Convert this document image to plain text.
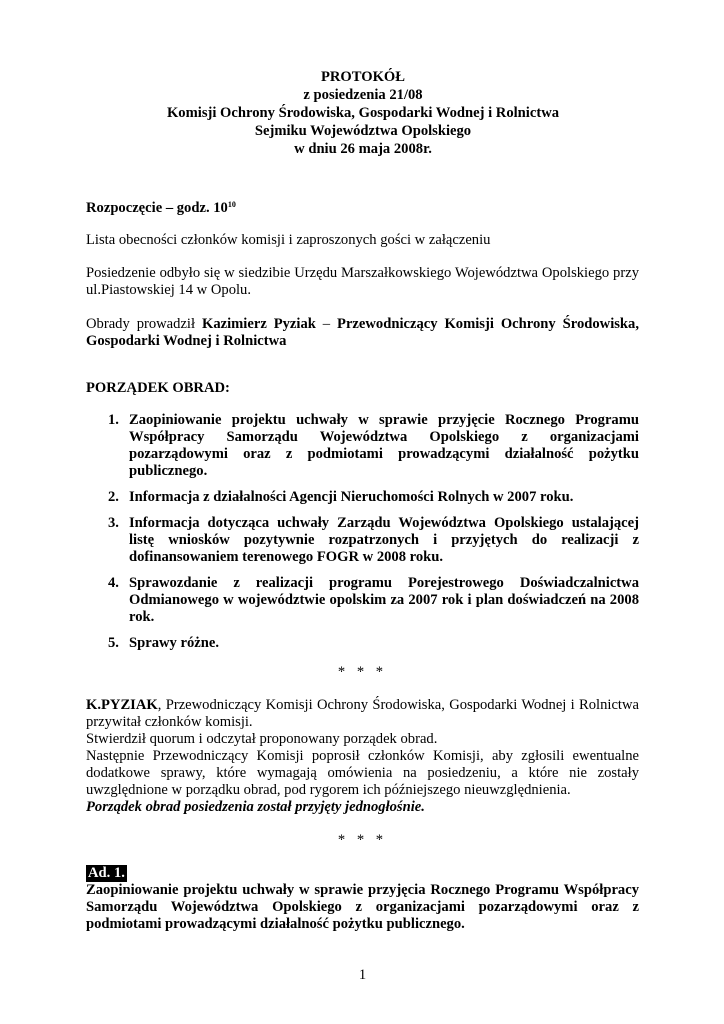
PROTOKÓŁ
z posiedzenia 21/08
Komisji Ochrony Środowiska, Gospodarki Wodnej i Rolnictwa
Sejmiku Województwa Opolskiego
w dniu 26 maja 2008r.
Rozpoczęcie – godz. $10^{10}$
Lista obecności członków komisji i zaproszonych gości w załączeniu
Posiedzenie odbyło się w siedzibie Urzędu Marszałkowskiego Województwa Opolskiego przy ul.Piastowskiej 14 w Opolu.
Obrady prowadził Kazimierz Pyziak – Przewodniczący Komisji Ochrony Środowiska, Gospodarki Wodnej i Rolnictwa
PORZĄDEK OBRAD:
1. Zaopiniowanie projektu uchwały w sprawie przyjęcie Rocznego Programu Współpracy Samorządu Województwa Opolskiego z organizacjami pozarządowymi oraz z podmiotami prowadzącymi działalność pożytku publicznego.
2. Informacja z działalności Agencji Nieruchomości Rolnych w 2007 roku.
3. Informacja dotycząca uchwały Zarządu Województwa Opolskiego ustalającej listę wniosków pozytywnie rozpatrzonych i przyjętych do realizacji z dofinansowaniem terenowego FOGR w 2008 roku.
4. Sprawozdanie z realizacji programu Porejestrowego Doświadczalnictwa Odmianowego w województwie opolskim za 2007 rok i plan doświadczeń na 2008 rok.
5. Sprawy różne.
* * *
K.PYZIAK, Przewodniczący Komisji Ochrony Środowiska, Gospodarki Wodnej i Rolnictwa przywitał członków komisji.
Stwierdził quorum i odczytał proponowany porządek obrad.
Następnie Przewodniczący Komisji poprosił członków Komisji, aby zgłosili ewentualne dodatkowe sprawy, które wymagają omówienia na posiedzeniu, a które nie zostały uwzględnione w porządku obrad, pod rygorem ich późniejszego nieuwzględnienia.
Porządek obrad posiedzenia został przyjęty jednogłośnie.
* * *
Ad. 1.
Zaopiniowanie projektu uchwały w sprawie przyjęcia Rocznego Programu Współpracy Samorządu Województwa Opolskiego z organizacjami pozarządowymi oraz z podmiotami prowadzącymi działalność pożytku publicznego.
1
